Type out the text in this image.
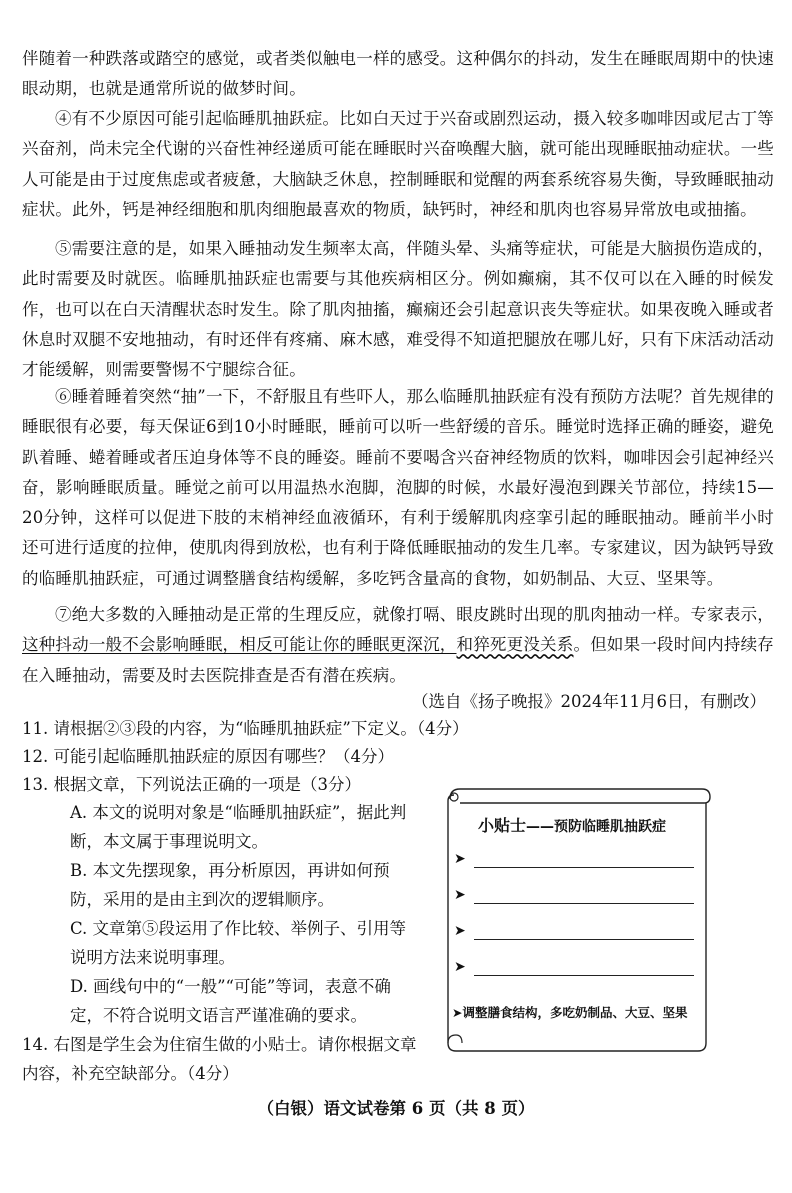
伴随着一种跌落或踏空的感觉，或者类似触电一样的感受。这种偶尔的抖动，发生在睡眠周期中的快速眼动期，也就是通常所说的做梦时间。

④有不少原因可能引起临睡肌抽跃症。比如白天过于兴奋或剧烈运动，摄入较多咖啡因或尼古丁等兴奋剂，尚未完全代谢的兴奋性神经递质可能在睡眠时兴奋唤醒大脑，就可能出现睡眠抽动症状。一些人可能是由于过度焦虑或者疲惫，大脑缺乏休息，控制睡眠和觉醒的两套系统容易失衡，导致睡眠抽动症状。此外，钙是神经细胞和肌肉细胞最喜欢的物质，缺钙时，神经和肌肉也容易异常放电或抽搐。

⑤需要注意的是，如果入睡抽动发生频率太高，伴随头晕、头痛等症状，可能是大脑损伤造成的，此时需要及时就医。临睡肌抽跃症也需要与其他疾病相区分。例如癫痫，其不仅可以在入睡的时候发作，也可以在白天清醒状态时发生。除了肌肉抽搐，癫痫还会引起意识丧失等症状。如果夜晚入睡或者休息时双腿不安地抽动，有时还伴有疼痛、麻木感，难受得不知道把腿放在哪儿好，只有下床活动活动才能缓解，则需要警惕不宁腿综合征。

⑥睡着睡着突然“抽”一下，不舒服且有些吓人，那么临睡肌抽跃症有没有预防方法呢？首先规律的睡眠很有必要，每天保证6到10小时睡眠，睡前可以听一些舒缓的音乐。睡觉时选择正确的睡姿，避免趴着睡、蜷着睡或者压迫身体等不良的睡姿。睡前不要喝含兴奋神经物质的饮料，咖啡因会引起神经兴奋，影响睡眠质量。睡觉之前可以用温热水泡脚，泡脚的时候，水最好漫泡到踝关节部位，持续15—20分钟，这样可以促进下肢的末梢神经血液循环，有利于缓解肌肉痉挛引起的睡眠抽动。睡前半小时还可进行适度的拉伸，使肌肉得到放松，也有利于降低睡眠抽动的发生几率。专家建议，因为缺钙导致的临睡肌抽跃症，可通过调整膳食结构缓解，多吃钙含量高的食物，如奶制品、大豆、坚果等。

⑦绝大多数的入睡抽动是正常的生理反应，就像打嗝、眼皮跳时出现的肌肉抽动一样。专家表示，这种抖动一般不会影响睡眠，相反可能让你的睡眠更深沉，和猝死更没关系。但如果一段时间内持续存在入睡抽动，需要及时去医院排查是否有潜在疾病。

（选自《扬子晚报》2024年11月6日，有删改）

11. 请根据②③段的内容，为“临睡肌抽跃症”下定义。（4分）

12. 可能引起临睡肌抽跃症的原因有哪些？（4分）

13. 根据文章，下列说法正确的一项是（3分）

A. 本文的说明对象是“临睡肌抽跃症”，据此判断，本文属于事理说明文。

B. 本文先摆现象，再分析原因，再讲如何预防，采用的是由主到次的逻辑顺序。

C. 文章第⑤段运用了作比较、举例子、引用等说明方法来说明事理。

D. 画线句中的“一般”“可能”等词，表意不确定，不符合说明文语言严谨准确的要求。

14. 右图是学生会为住宿生做的小贴士。请你根据文章内容，补充空缺部分。（4分）

小贴士——预防临睡肌抽跃症
➤
➤
➤
➤
➤调整膳食结构，多吃奶制品、大豆、坚果
（白银）语文试卷第 6 页（共 8 页）
